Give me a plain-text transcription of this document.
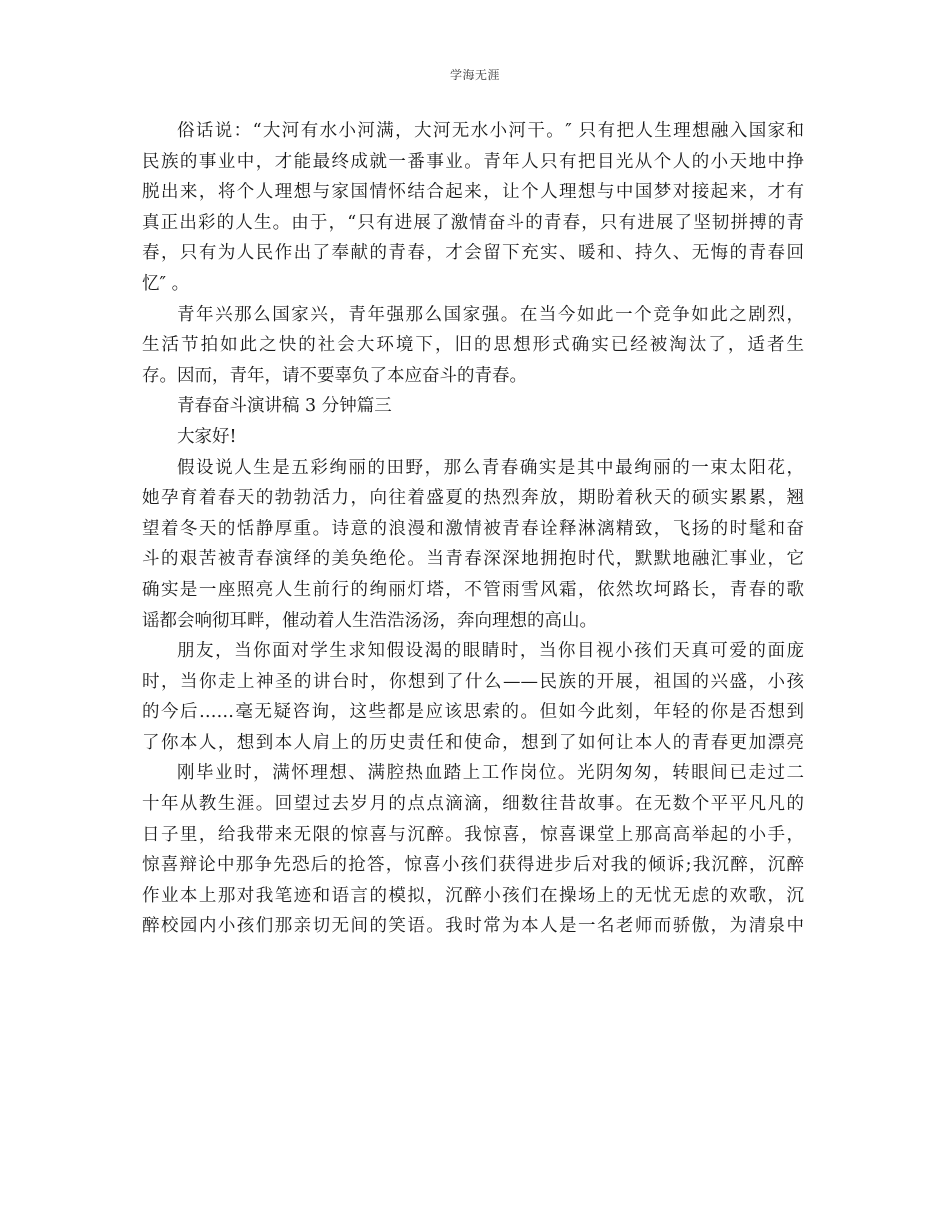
学海无涯
俗话说：“大河有水小河满，大河无水小河干。″ 只有把人生理想融入国家和
民族的事业中，才能最终成就一番事业。青年人只有把目光从个人的小天地中挣
脱出来，将个人理想与家国情怀结合起来，让个人理想与中国梦对接起来，才有
真正出彩的人生。由于，“只有进展了激情奋斗的青春，只有进展了坚韧拼搏的青
春，只有为人民作出了奉献的青春，才会留下充实、暖和、持久、无悔的青春回
忆″ 。
青年兴那么国家兴，青年强那么国家强。在当今如此一个竞争如此之剧烈，
生活节拍如此之快的社会大环境下，旧的思想形式确实已经被淘汰了，适者生
存。因而，青年，请不要辜负了本应奋斗的青春。
青春奋斗演讲稿 3 分钟篇三
大家好!
假设说人生是五彩绚丽的田野，那么青春确实是其中最绚丽的一束太阳花，
她孕育着春天的勃勃活力，向往着盛夏的热烈奔放，期盼着秋天的硕实累累，翘
望着冬天的恬静厚重。诗意的浪漫和激情被青春诠释淋漓精致，飞扬的时髦和奋
斗的艰苦被青春演绎的美奂绝伦。当青春深深地拥抱时代，默默地融汇事业，它
确实是一座照亮人生前行的绚丽灯塔，不管雨雪风霜，依然坎坷路长，青春的歌
谣都会响彻耳畔，催动着人生浩浩汤汤，奔向理想的高山。
朋友，当你面对学生求知假设渴的眼睛时，当你目视小孩们天真可爱的面庞
时，当你走上神圣的讲台时，你想到了什么——民族的开展，祖国的兴盛，小孩
的今后……毫无疑咨询，这些都是应该思索的。但如今此刻，年轻的你是否想到
了你本人，想到本人肩上的历史责任和使命，想到了如何让本人的青春更加漂亮
刚毕业时，满怀理想、满腔热血踏上工作岗位。光阴匆匆，转眼间已走过二
十年从教生涯。回望过去岁月的点点滴滴，细数往昔故事。在无数个平平凡凡的
日子里，给我带来无限的惊喜与沉醉。我惊喜，惊喜课堂上那高高举起的小手，
惊喜辩论中那争先恐后的抢答，惊喜小孩们获得进步后对我的倾诉;我沉醉，沉醉
作业本上那对我笔迹和语言的模拟，沉醉小孩们在操场上的无忧无虑的欢歌，沉
醉校园内小孩们那亲切无间的笑语。我时常为本人是一名老师而骄傲，为清泉中
